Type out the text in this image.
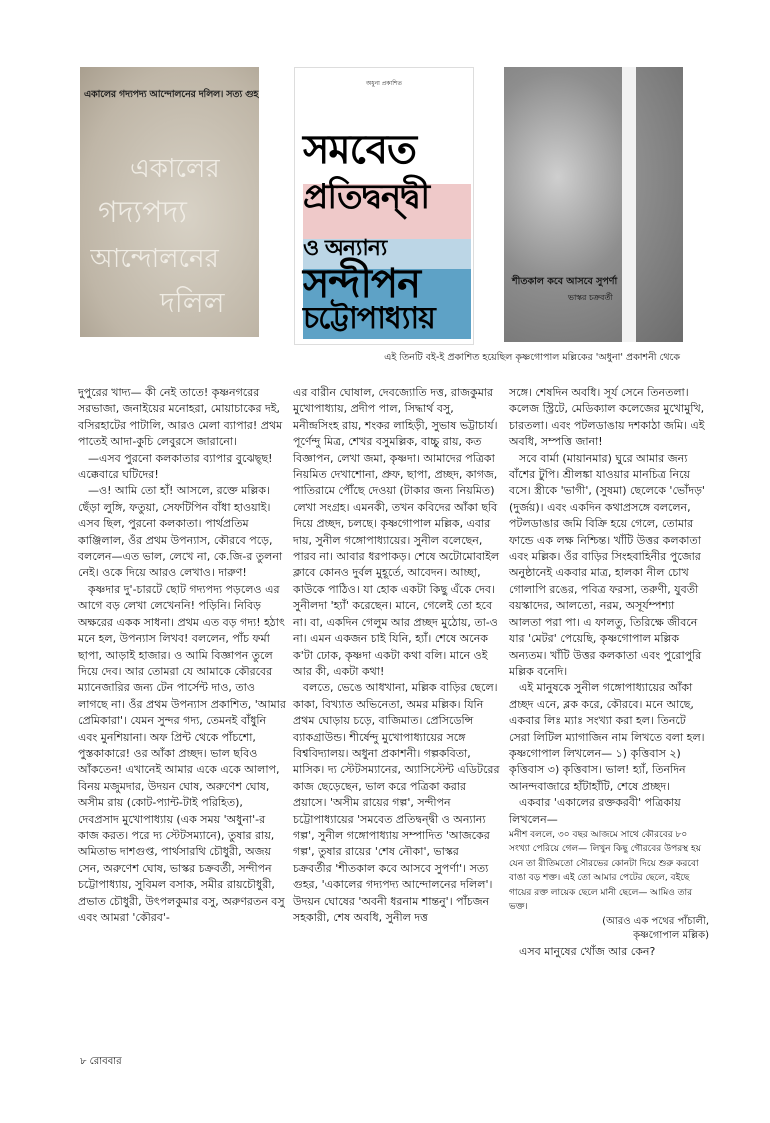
একালের গদ্যপদ্য আন্দোলনের দলিল। সত্য গুহ
একালের
গদ্যপদ্য
আন্দোলনের
দলিল
অধুনা প্রকাশিত
সমবেত
প্রতিদ্বন্দ্বী
ও অন্যান্য
সন্দীপন
চট্টোপাধ্যায়
শীতকাল কবে আসবে সুপর্ণা
ভাস্কর চক্রবর্তী
এই তিনটি বই-ই প্রকাশিত হয়েছিল কৃষ্ণগোপাল মল্লিকের 'অধুনা' প্রকাশনী থেকে

দুপুরের খাদ্য— কী নেই তাতে! কৃষ্ণনগরের সরভাজা, জনাইয়ের মনোহরা, মোয়াচাকের দই, বসিরহাটের পাটালি, আরও মেলা ব্যাপার! প্রথম পাতেই আদা-কুচি লেবুরসে জারানো।

—এসব পুরনো কলকাতার ব্যাপার বুঝেছ্ছ! এক্কেবারে ঘটিদের!

—ও! আমি তো হাঁ! আসলে, রক্তে মল্লিক। ছেঁড়া লুঙ্গি, ফতুয়া, সেফটিপিন বাঁধা হাওয়াই। এসব ছিল, পুরনো কলকাতা। পার্থপ্রতিম কাঞ্জিলাল, ওঁর প্রথম উপন্যাস, কৌরবে পড়ে, বললেন—এত ভাল, লেখে না, কে.জি-র তুলনা নেই। ওকে দিয়ে আরও লেখাও। দারুণ!

কৃষ্ণদার দু'-চারটে ছোট গদ্যপদ্য পড়লেও এর আগে বড় লেখা লেখেননি! পড়িনি। নিবিড় অক্ষরের একক সাধনা। প্রথম এত বড় গদ্য! হঠাৎ মনে হল, উপন্যাস লিখব! বললেন, পাঁচ ফর্মা ছাপা, আড়াই হাজার। ও আমি বিজ্ঞাপন তুলে দিয়ে দেব। আর তোমরা যে আমাকে কৌরবের ম্যানেজারির জন্য টেন পার্সেন্ট দাও, তাও লাগছে না। ওঁর প্রথম উপন্যাস প্রকাশিত, 'আমার প্রেমিকারা'। যেমন সুন্দর গদ্য, তেমনই বাঁধুনি এবং মুনশিয়ানা। অফ প্রিন্ট থেকে পাঁচশো, পুস্তকাকারে! ওর আঁকা প্রচ্ছদ। ভাল ছবিও আঁকতেন! এখানেই আমার একে একে আলাপ, বিনয় মজুমদার, উদয়ন ঘোষ, অরুণেশ ঘোষ, অসীম রায় (কোট-প্যান্ট-টাই পরিহিত), দেবপ্রসাদ মুখোপাধ্যায় (এক সময় 'অধুনা'-র কাজ করত। পরে দ্য স্টেটসম্যানে), তুষার রায়, অমিতাভ দাশগুপ্ত, পার্থসারথি চৌধুরী, অজয় সেন, অরুণেশ ঘোষ, ভাস্কর চক্রবর্তী, সন্দীপন চট্টোপাধ্যায়, সুবিমল বসাক, সমীর রায়চৌধুরী, প্রভাত চৌধুরী, উৎপলকুমার বসু, অরুণরতন বসু এবং আমরা 'কৌরব'-

এর বারীন ঘোষাল, দেবজ্যোতি দত্ত, রাজকুমার মুখোপাধ্যায়, প্রদীপ পাল, সিদ্ধার্থ বসু, মনীন্দ্রসিংহ রায়, শংকর লাহিড়ী, সুভাষ ভট্টাচার্য। পূর্ণেন্দু মিত্র, শেখর বসুমল্লিক, বাচ্চু রায়, কত বিজ্ঞাপন, লেখা জমা, কৃষ্ণদা। আমাদের পত্রিকা নিয়মিত দেখাশোনা, প্রুফ, ছাপা, প্রচ্ছদ, কাগজ, পাতিরামে পৌঁছে দেওয়া (টাকার জন্য নিয়মিত) লেখা সংগ্রহ। এমনকী, তখন কবিদের আঁকা ছবি দিয়ে প্রচ্ছদ, চলছে। কৃষ্ণগোপাল মল্লিক, এবার দায়, সুনীল গঙ্গোপাধ্যায়ের। সুনীল বলেছেন, পারব না। আবার ধরপাকড়। শেষে অটোমোবাইল ক্লাবে কোনও দুর্বল মুহূর্তে, আবেদন। আচ্ছা, কাউকে পাঠিও। যা হোক একটা কিছু এঁকে দেব। সুনীলদা 'হ্যাঁ' করেছেন। মানে, গেলেই তো হবে না। বা, একদিন গেলুম আর প্রচ্ছদ মুঠোয়, তা-ও না। এমন একজন চাই যিনি, হ্যাঁ। শেষে অনেক ক'টা ঢোক, কৃষ্ণদা একটা কথা বলি। মানে ওই আর কী, একটা কথা!

বলতে, ভেঙে আধখানা, মল্লিক বাড়ির ছেলে। কাকা, বিখ্যাত অভিনেতা, অমর মল্লিক। যিনি প্রথম ঘোড়ায় চড়ে, বাজিমাত। প্রেসিডেন্সি ব্যাকগ্রাউন্ড। শীর্ষেন্দু মুখোপাধ্যায়ের সঙ্গে বিশ্ববিদ্যালয়। অধুনা প্রকাশনী। গল্পকবিতা, মাসিক। দ্য স্টেটসম্যানের, অ্যাসিস্টেন্ট এডিটরের কাজ ছেড়েছেন, ভাল করে পত্রিকা করার প্রয়াসে। 'অসীম রায়ের গল্প', সন্দীপন চট্টোপাধ্যায়ের 'সমবেত প্রতিদ্বন্দ্বী ও অন্যান্য গল্প', সুনীল গঙ্গোপাধ্যায় সম্পাদিত 'আজকের গল্প', তুষার রায়ের 'শেষ নৌকা', ভাস্কর চক্রবর্তীর 'শীতকাল কবে আসবে সুপর্ণা'। সত্য গুহর, 'একালের গদ্যপদ্য আন্দোলনের দলিল'। উদয়ন ঘোষের 'অবনী ধরনাম শান্তনু'। পাঁচজন সহকারী, শেষ অবধি, সুনীল দত্ত

সঙ্গে। শেষদিন অবধি। সূর্য সেনে তিনতলা। কলেজ স্ট্রিটে, মেডিক্যাল কলেজের মুখোমুখি, চারতলা। এবং পটলডাঙায় দশকাঠা জমি। এই অবধি, সম্পত্তি জানা!

সবে বার্মা (মায়ানমার) ঘুরে আমার জন্য বাঁশের টুপি। শ্রীলঙ্কা যাওয়ার মানচিত্র নিয়ে বসে। স্ত্রীকে 'ভাগী', (সুষমা) ছেলেকে 'ভোঁদড়' (দুর্জয়)। এবং একদিন কথাপ্রসঙ্গে বললেন, পটলডাঙার জমি বিক্রি হয়ে গেলে, তোমার ফান্ডে এক লক্ষ নিশ্চিন্ত। খাঁটি উত্তর কলকাতা এবং মল্লিক। ওঁর বাড়ির সিংহবাহিনীর পুজোর অনুষ্ঠানেই একবার মাত্র, হালকা নীল চোখ গোলাপি রঙের, পবিত্র ফরসা, তরুণী, যুবতী বয়স্কাদের, আলতো, নরম, অসূর্যম্পশ্যা আলতা পরা পা। এ ফালতু, তিরিক্ষে জীবনে যার 'মেটর' পেয়েছি, কৃষ্ণগোপাল মল্লিক অন্যতম। খাঁটি উত্তর কলকাতা এবং পুরোপুরি মল্লিক বনেদি।

এই মানুষকে সুনীল গঙ্গোপাধ্যায়ের আঁকা প্রচ্ছদ এনে, ব্লক করে, কৌরবে। মনে আছে, একবার লিঃ ম্যাঃ সংখ্যা করা হল। তিনটে সেরা লিটিল ম্যাগাজিন নাম লিখতে বলা হল। কৃষ্ণগোপাল লিখলেন— ১) কৃত্তিবাস ২) কৃত্তিবাস ৩) কৃত্তিবাস। ভাল! হ্যাঁ, তিনদিন আনন্দবাজারে হাঁটাহাঁটি, শেষে প্রচ্ছদ।

একবার 'একালের রক্তকরবী' পত্রিকায় লিখলেন—

মনীশ বললে, ৩০ বছর আজমে সাথে কৌরবের ৮০ সংখ্যা পেরিয়ে গেল— লিখুন কিছু গৌরবের উপরস্থ হয় যেন তা রীতিমতো সৌরভের কোনটা দিয়ে শুরু করবো বাঙা বড় শক্ত। এই তো আমার পেটের ছেলে, বইছে গায়ের রক্ত লায়েক ছেলে মানী ছেলে— আমিও তার ভক্ত।

(আরও এক পথের পাঁচালী,
কৃষ্ণগোপাল মল্লিক)

এসব মানুষের খোঁজ আর কেন?

৮ রোববার
